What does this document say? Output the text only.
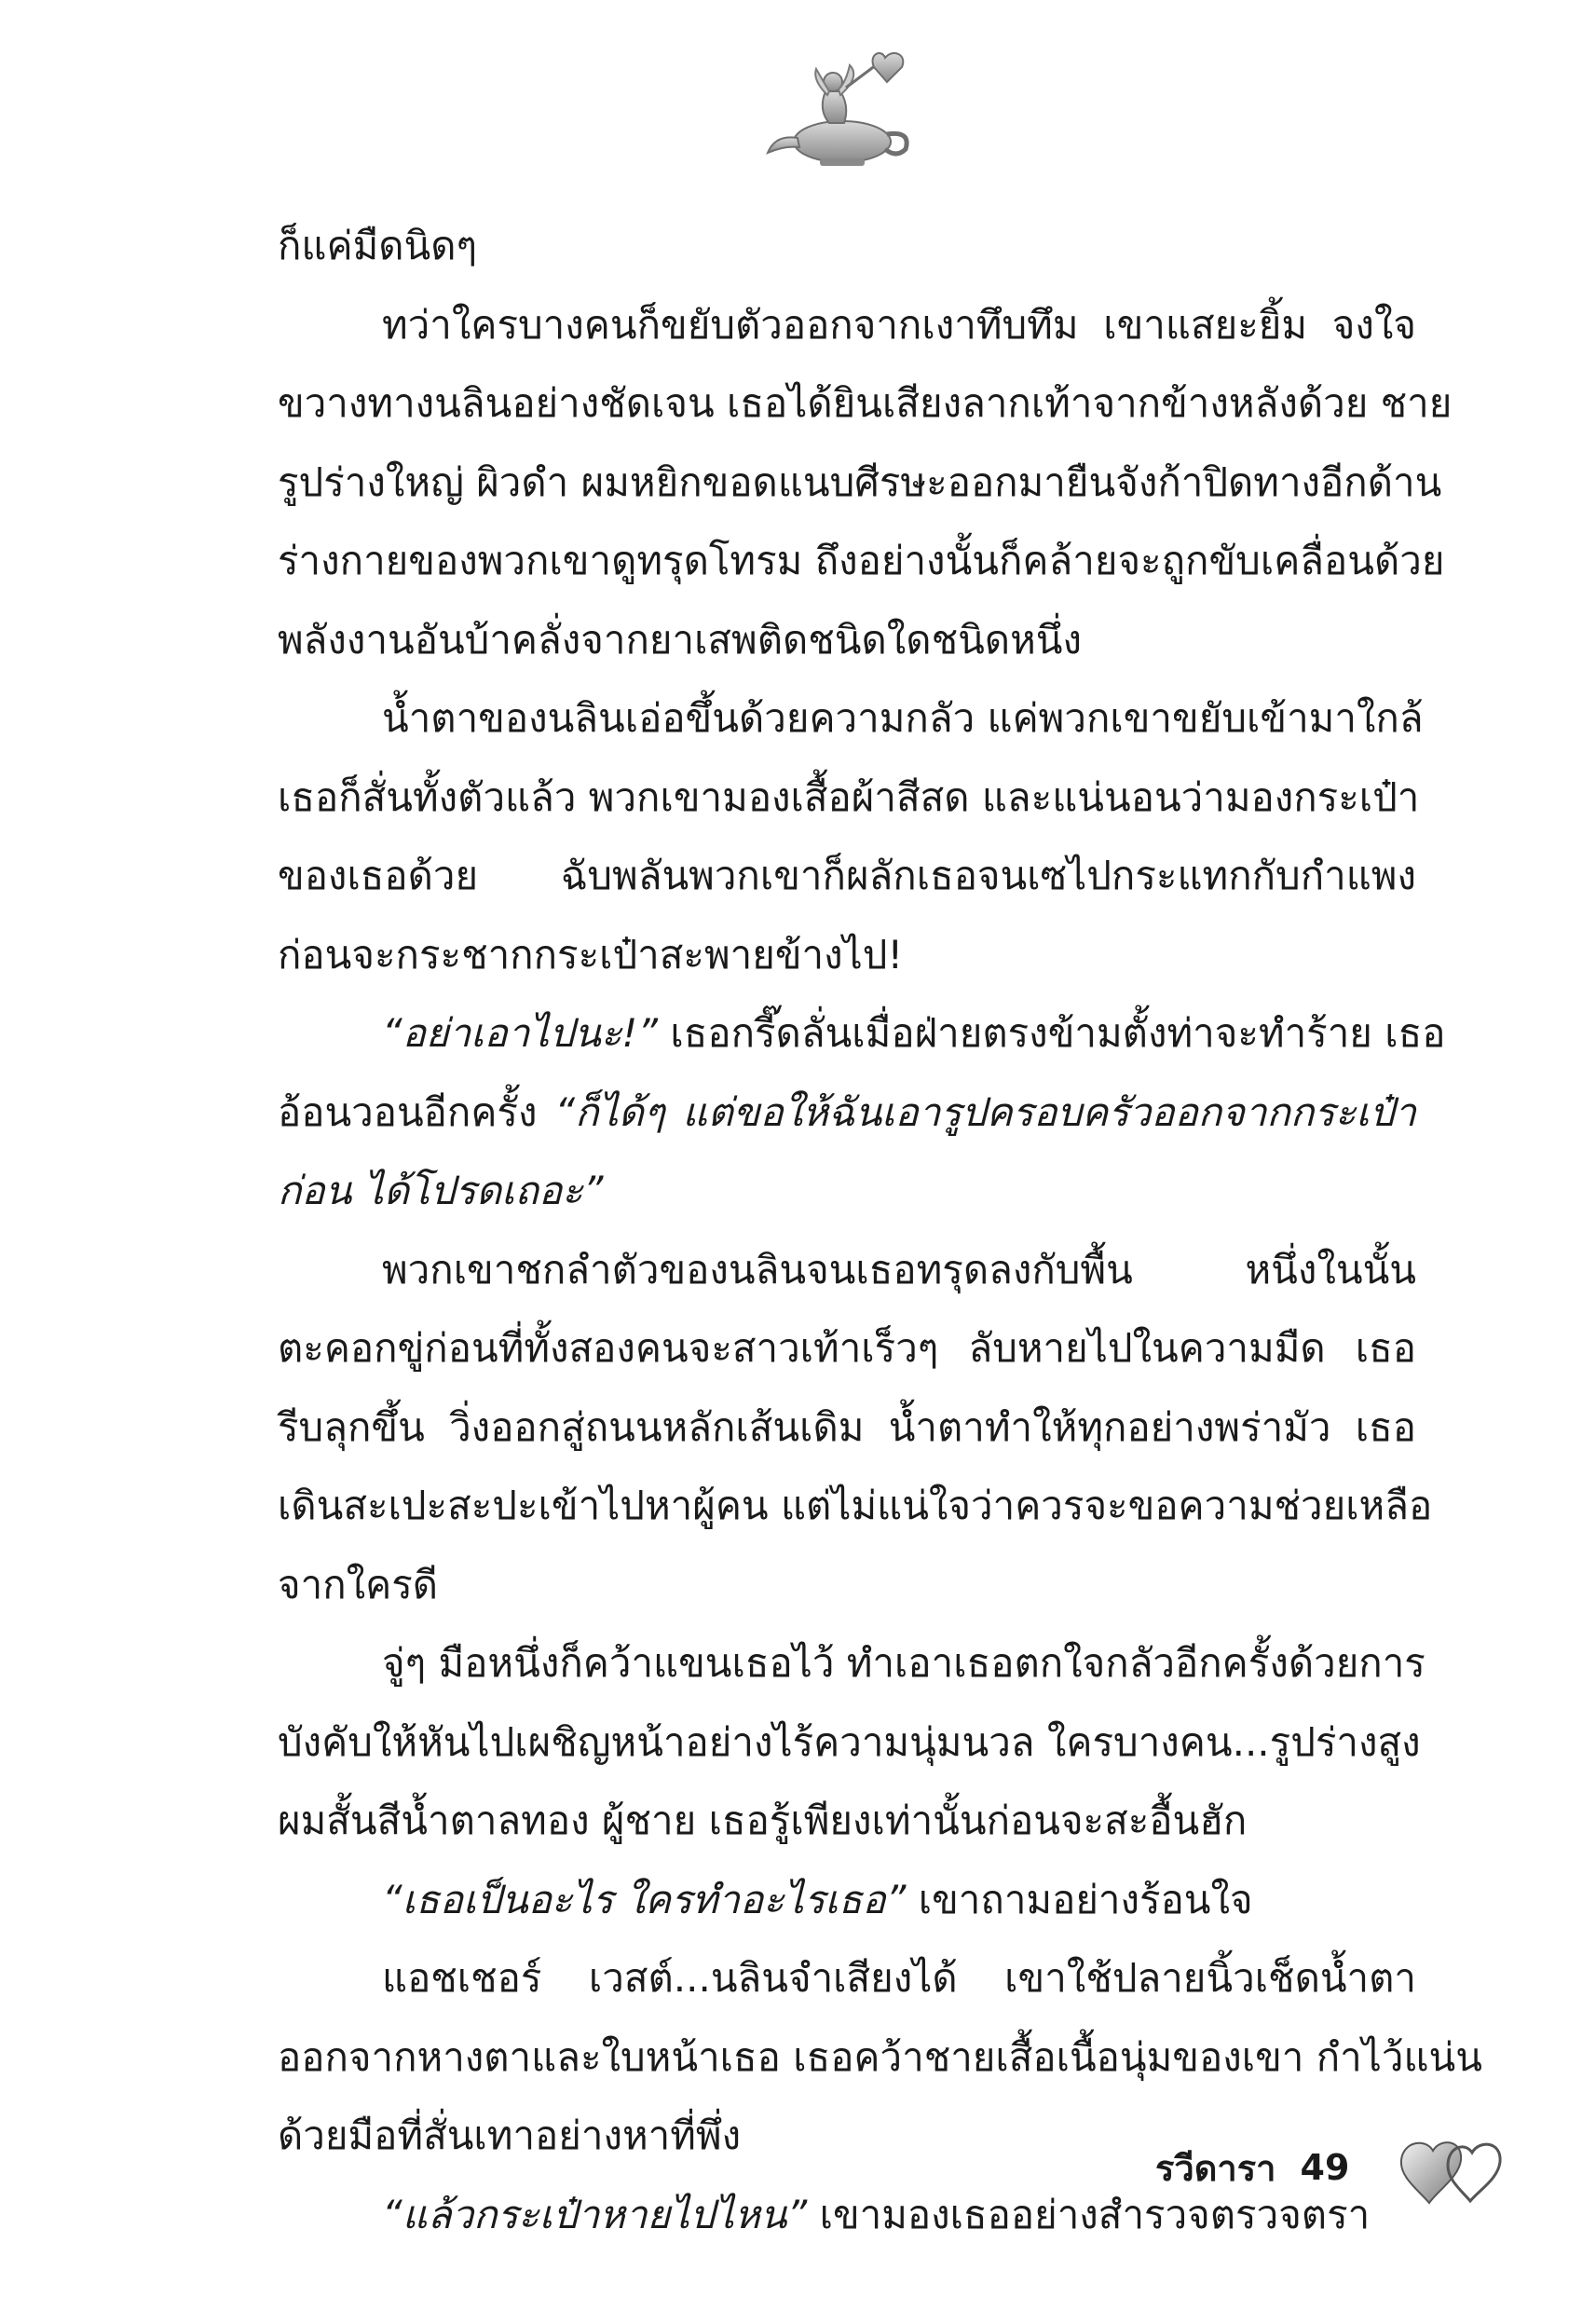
ก็แค่มืดนิดๆ
ทว่าใครบางคนก็ขยับตัวออกจากเงาทึบทึม เขาแสยะยิ้ม จงใจ
ขวางทางนลินอย่างชัดเจน เธอได้ยินเสียงลากเท้าจากข้างหลังด้วย ชาย
รูปร่างใหญ่ ผิวดำ ผมหยิกขอดแนบศีรษะออกมายืนจังก้าปิดทางอีกด้าน
ร่างกายของพวกเขาดูทรุดโทรม ถึงอย่างนั้นก็คล้ายจะถูกขับเคลื่อนด้วย
พลังงานอันบ้าคลั่งจากยาเสพติดชนิดใดชนิดหนึ่ง
น้ำตาของนลินเอ่อขึ้นด้วยความกลัว แค่พวกเขาขยับเข้ามาใกล้
เธอก็สั่นทั้งตัวแล้ว พวกเขามองเสื้อผ้าสีสด และแน่นอนว่ามองกระเป๋า
ของเธอด้วย ฉับพลันพวกเขาก็ผลักเธอจนเซไปกระแทกกับกำแพง
ก่อนจะกระชากกระเป๋าสะพายข้างไป!
“อย่าเอาไปนะ!” เธอกรี๊ดลั่นเมื่อฝ่ายตรงข้ามตั้งท่าจะทำร้าย เธอ
อ้อนวอนอีกครั้ง “ก็ได้ๆ แต่ขอให้ฉันเอารูปครอบครัวออกจากกระเป๋า
ก่อน ได้โปรดเถอะ”
พวกเขาชกลำตัวของนลินจนเธอทรุดลงกับพื้น หนึ่งในนั้น
ตะคอกขู่ก่อนที่ทั้งสองคนจะสาวเท้าเร็วๆ ลับหายไปในความมืด เธอ
รีบลุกขึ้น วิ่งออกสู่ถนนหลักเส้นเดิม น้ำตาทำให้ทุกอย่างพร่ามัว เธอ
เดินสะเปะสะปะเข้าไปหาผู้คน แต่ไม่แน่ใจว่าควรจะขอความช่วยเหลือ
จากใครดี
จู่ๆ มือหนึ่งก็คว้าแขนเธอไว้ ทำเอาเธอตกใจกลัวอีกครั้งด้วยการ
บังคับให้หันไปเผชิญหน้าอย่างไร้ความนุ่มนวล ใครบางคน...รูปร่างสูง
ผมสั้นสีน้ำตาลทอง ผู้ชาย เธอรู้เพียงเท่านั้นก่อนจะสะอื้นฮัก
“เธอเป็นอะไร ใครทำอะไรเธอ” เขาถามอย่างร้อนใจ
แอชเชอร์ เวสต์...นลินจำเสียงได้ เขาใช้ปลายนิ้วเช็ดน้ำตา
ออกจากหางตาและใบหน้าเธอ เธอคว้าชายเสื้อเนื้อนุ่มของเขา กำไว้แน่น
ด้วยมือที่สั่นเทาอย่างหาที่พึ่ง
“แล้วกระเป๋าหายไปไหน” เขามองเธออย่างสำรวจตรวจตรา
รวีดารา 49
